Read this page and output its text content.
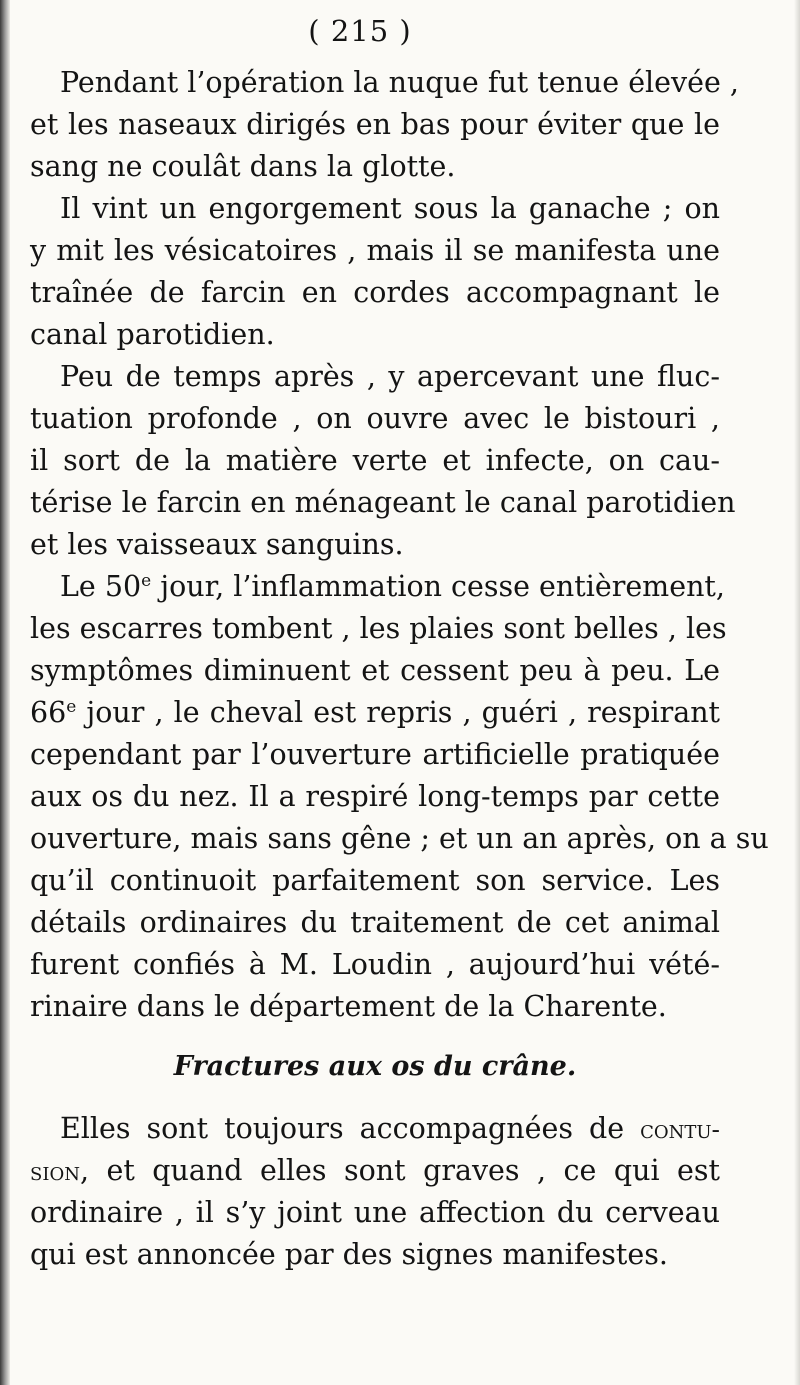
( 215 )
Pendant l’opération la nuque fut tenue élevée ,
et les naseaux dirigés en bas pour éviter que le
sang ne coulât dans la glotte.
Il vint un engorgement sous la ganache ; on
y mit les vésicatoires , mais il se manifesta une
traînée de farcin en cordes accompagnant le
canal parotidien.
Peu de temps après , y apercevant une fluc-
tuation profonde , on ouvre avec le bistouri ,
il sort de la matière verte et infecte, on cau-
térise le farcin en ménageant le canal parotidien
et les vaisseaux sanguins.
Le 50e jour, l’inflammation cesse entièrement,
les escarres tombent , les plaies sont belles , les
symptômes diminuent et cessent peu à peu. Le
66e jour , le cheval est repris , guéri , respirant
cependant par l’ouverture artificielle pratiquée
aux os du nez. Il a respiré long-temps par cette
ouverture, mais sans gêne ; et un an après, on a su
qu’il continuoit parfaitement son service. Les
détails ordinaires du traitement de cet animal
furent confiés à M. Loudin , aujourd’hui vété-
rinaire dans le département de la Charente.
Fractures aux os du crâne.
Elles sont toujours accompagnées de contu-
sion, et quand elles sont graves , ce qui est
ordinaire , il s’y joint une affection du cerveau
qui est annoncée par des signes manifestes.
